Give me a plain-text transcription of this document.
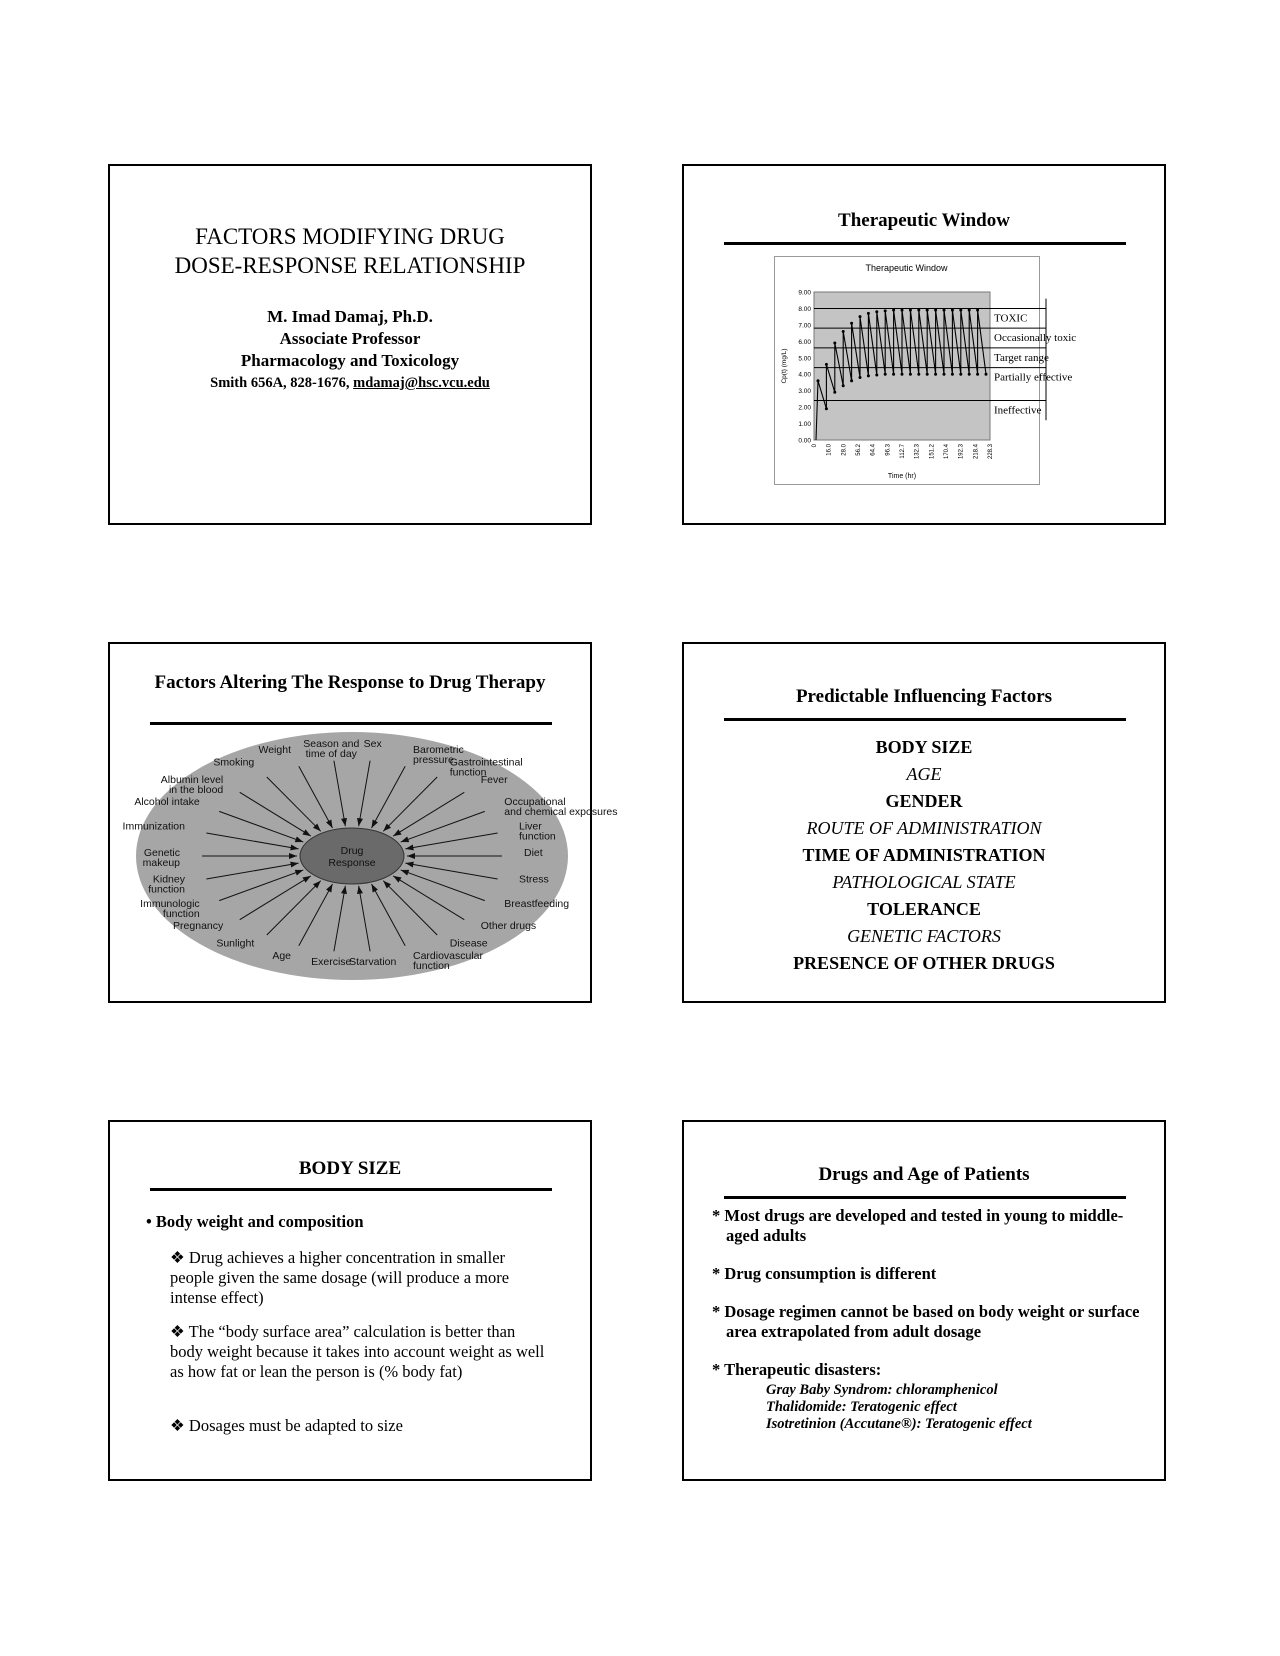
FACTORS MODIFYING DRUG
DOSE-RESPONSE RELATIONSHIP
M. Imad Damaj, Ph.D.
Associate Professor
Pharmacology and Toxicology
Smith 656A, 828-1676, mdamaj@hsc.vcu.edu
Therapeutic Window
Therapeutic Window
0.00
1.00
2.00
3.00
4.00
5.00
6.00
7.00
8.00
9.00
Cp(t) (mg/L)
0 16.0 28.0 56.2 64.4 96.3 112.7 132.3 151.2 170.4 192.3 218.4 228.3
Time (hr)
TOXIC
Occasionally toxic
Target range
Partially effective
Ineffective
Factors Altering The Response to Drug Therapy
Sex
Barometric
pressure
Gastrointestinal
function
Fever
Occupational
and chemical exposures
Liver
function
Diet
Stress
Breastfeeding
Other drugs
Disease
Cardiovascular
function
Starvation
Exercise
Age
Sunlight
Pregnancy
Immunologic
function
Kidney
function
Genetic
makeup
Immunization
Alcohol intake
Albumin level
in the blood
Smoking
Weight
Season and
time of day
Drug
Response
Predictable Influencing Factors
BODY SIZE
AGE
GENDER
ROUTE OF ADMINISTRATION
TIME OF ADMINISTRATION
PATHOLOGICAL STATE
TOLERANCE
GENETIC FACTORS
PRESENCE OF OTHER DRUGS
BODY SIZE
• Body weight and composition
❖ Drug achieves a higher concentration in smaller people given the same dosage (will produce a more intense effect)
❖ The “body surface area” calculation is better than body weight because it takes into account weight as well as how fat or lean the person is (% body fat)
❖ Dosages must be adapted to size
Drugs and Age of Patients
* Most drugs are developed and tested in young to middle-aged adults
* Drug consumption is different
* Dosage regimen cannot be based on body weight or surface area extrapolated from adult dosage
* Therapeutic disasters:
Gray Baby Syndrom: chloramphenicol
Thalidomide: Teratogenic effect
Isotretinion (Accutane®): Teratogenic effect
